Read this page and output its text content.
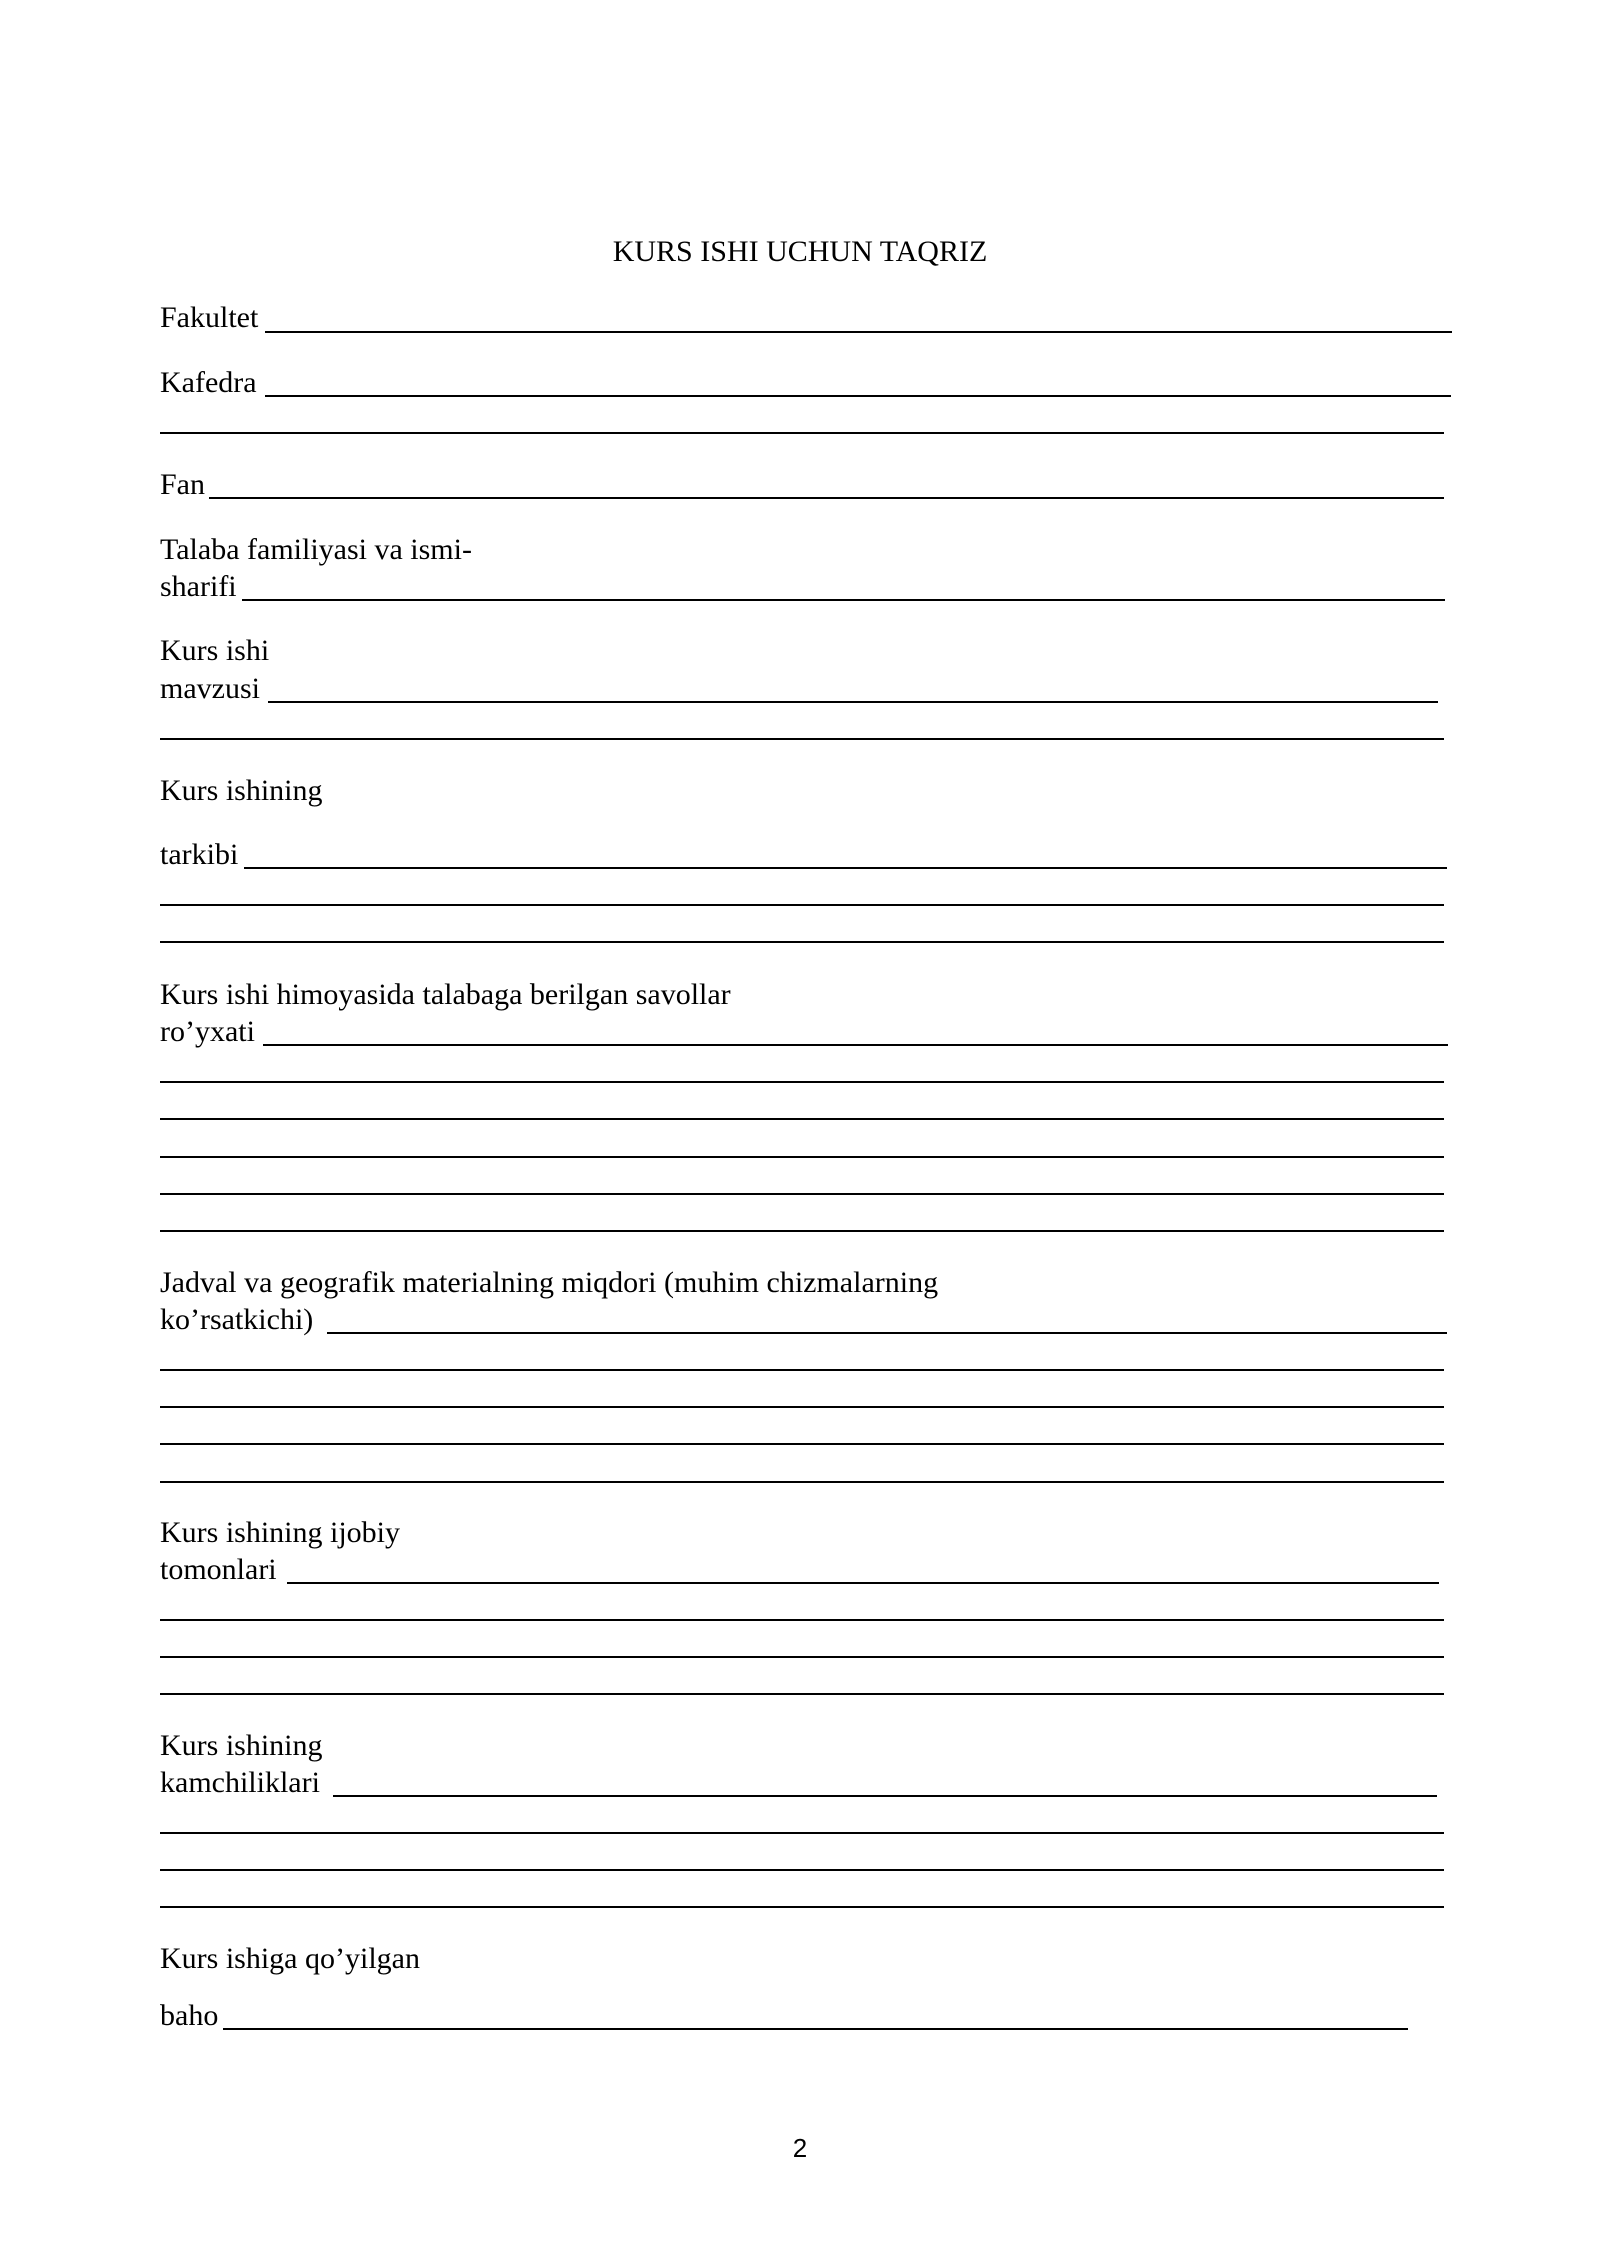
KURS ISHI UCHUN TAQRIZ
Fakultet
Kafedra
Fan
Talaba familiyasi va ismi-
sharifi
Kurs ishi
mavzusi
Kurs ishining
tarkibi
Kurs ishi himoyasida talabaga berilgan savollar
ro’yxati
Jadval va geografik materialning miqdori (muhim chizmalarning
ko’rsatkichi)
Kurs ishining ijobiy
tomonlari
Kurs ishining
kamchiliklari
Kurs ishiga qo’yilgan
baho
2
